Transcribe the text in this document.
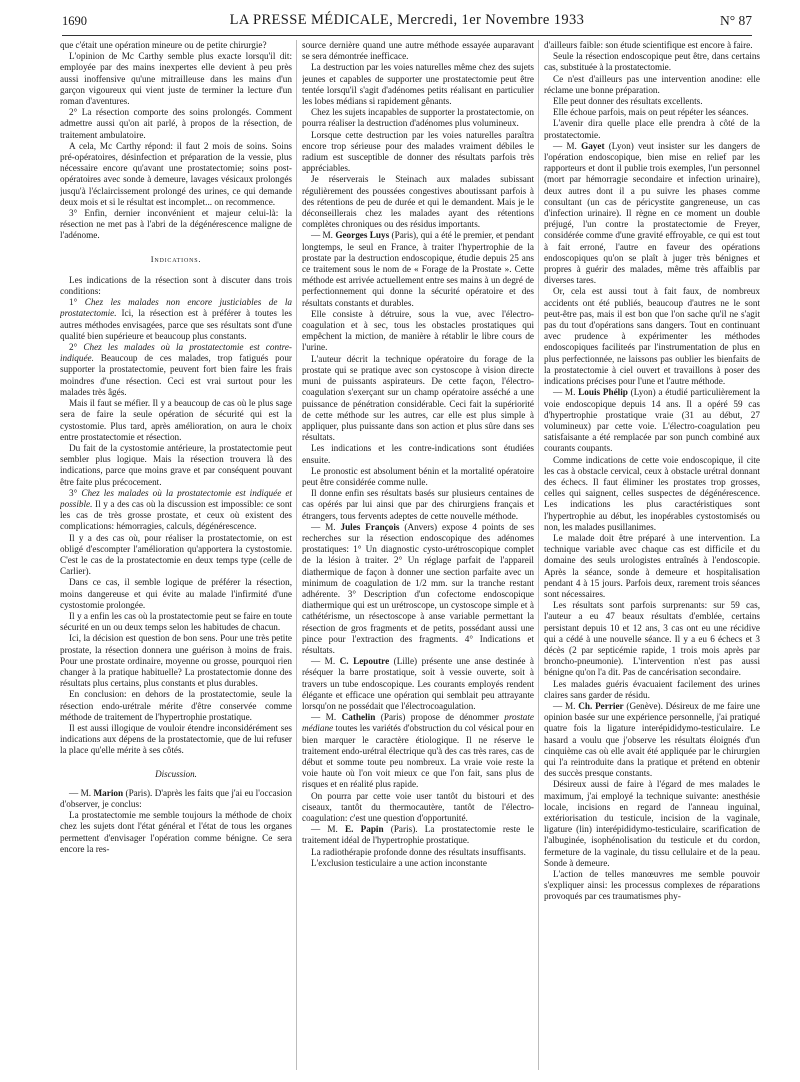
1690	LA PRESSE MÉDICALE, Mercredi, 1er Novembre 1933	N° 87

que c'était une opération mineure ou de petite chirurgie?

L'opinion de Mc Carthy semble plus exacte lorsqu'il dit: employée par des mains inexpertes elle devient à peu près aussi inoffensive qu'une mitrailleuse dans les mains d'un garçon vigoureux qui vient juste de terminer la lecture d'un roman d'aventures.

2° La résection comporte des soins prolongés. Comment admettre aussi qu'on ait parlé, à propos de la résection, de traitement ambulatoire.

A cela, Mc Carthy répond: il faut 2 mois de soins. Soins pré-opératoires, désinfection et préparation de la vessie, plus nécessaire encore qu'avant une prostatectomie; soins post-opératoires avec sonde à demeure, lavages vésicaux prolongés jusqu'à l'éclaircissement prolongé des urines, ce qui demande deux mois et si le résultat est incomplet... on recommence.

3° Enfin, dernier inconvénient et majeur celui-là: la résection ne met pas à l'abri de la dégénérescence maligne de l'adénome.

Indications.

Les indications de la résection sont à discuter dans trois conditions:

1° Chez les malades non encore justiciables de la prostatectomie. Ici, la résection est à préférer à toutes les autres méthodes envisagées, parce que ses résultats sont d'une qualité bien supérieure et beaucoup plus constants.

2° Chez les malades où la prostatectomie est contre-indiquée. Beaucoup de ces malades, trop fatigués pour supporter la prostatectomie, peuvent fort bien faire les frais moindres d'une résection. Ceci est vrai surtout pour les malades très âgés.

Mais il faut se méfier. Il y a beaucoup de cas où le plus sage sera de faire la seule opération de sécurité qui est la cystostomie. Plus tard, après amélioration, on aura le choix entre prostatectomie et résection.

Du fait de la cystostomie antérieure, la prostatectomie peut sembler plus logique. Mais la résection trouvera là des indications, parce que moins grave et par conséquent pouvant être faite plus précocement.

3° Chez les malades où la prostatectomie est indiquée et possible. Il y a des cas où la discussion est impossible: ce sont les cas de très grosse prostate, et ceux où existent des complications: hémorragies, calculs, dégénérescence.

Il y a des cas où, pour réaliser la prostatectomie, on est obligé d'escompter l'amélioration qu'apportera la cystostomie. C'est le cas de la prostatectomie en deux temps type (celle de Carlier).

Dans ce cas, il semble logique de préférer la résection, moins dangereuse et qui évite au malade l'infirmité d'une cystostomie prolongée.

Il y a enfin les cas où la prostatectomie peut se faire en toute sécurité en un ou deux temps selon les habitudes de chacun.

Ici, la décision est question de bon sens. Pour une très petite prostate, la résection donnera une guérison à moins de frais. Pour une prostate ordinaire, moyenne ou grosse, pourquoi rien changer à la pratique habituelle? La prostatectomie donne des résultats plus certains, plus constants et plus durables.

En conclusion: en dehors de la prostatectomie, seule la résection endo-urétrale mérite d'être conservée comme méthode de traitement de l'hypertrophie prostatique.

Il est aussi illogique de vouloir étendre inconsidérément ses indications aux dépens de la prostatectomie, que de lui refuser la place qu'elle mérite à ses côtés.

Discussion.

— M. Marion (Paris). D'après les faits que j'ai eu l'occasion d'observer, je conclus:

La prostatectomie me semble toujours la méthode de choix chez les sujets dont l'état général et l'état de tous les organes permettent d'envisager l'opération comme bénigne. Ce sera encore la res-

source dernière quand une autre méthode essayée auparavant se sera démontrée inefficace.

La destruction par les voies naturelles même chez des sujets jeunes et capables de supporter une prostatectomie peut être tentée lorsqu'il s'agit d'adénomes petits réalisant en particulier les lobes médians si rapidement gênants.

Chez les sujets incapables de supporter la prostatectomie, on pourra réaliser la destruction d'adénomes plus volumineux.

Lorsque cette destruction par les voies naturelles paraîtra encore trop sérieuse pour des malades vraiment débiles le radium est susceptible de donner des résultats parfois très appréciables.

Je réserverais le Steinach aux malades subissant régulièrement des poussées congestives aboutissant parfois à des rétentions de peu de durée et qui le demandent. Mais je le déconseillerais chez les malades ayant des rétentions complètes chroniques ou des résidus importants.

— M. Georges Luys (Paris), qui a été le premier, et pendant longtemps, le seul en France, à traiter l'hypertrophie de la prostate par la destruction endoscopique, étudie depuis 25 ans ce traitement sous le nom de « Forage de la Prostate ». Cette méthode est arrivée actuellement entre ses mains à un degré de perfectionnement qui donne la sécurité opératoire et des résultats constants et durables.

Elle consiste à détruire, sous la vue, avec l'électro-coagulation et à sec, tous les obstacles prostatiques qui empêchent la miction, de manière à rétablir le libre cours de l'urine.

L'auteur décrit la technique opératoire du forage de la prostate qui se pratique avec son cystoscope à vision directe muni de puissants aspirateurs. De cette façon, l'électro-coagulation s'exerçant sur un champ opératoire asséché a une puissance de pénétration considérable. Ceci fait la supériorité de cette méthode sur les autres, car elle est plus simple à appliquer, plus puissante dans son action et plus sûre dans ses résultats.

Les indications et les contre-indications sont étudiées ensuite.

Le pronostic est absolument bénin et la mortalité opératoire peut être considérée comme nulle.

Il donne enfin ses résultats basés sur plusieurs centaines de cas opérés par lui ainsi que par des chirurgiens français et étrangers, tous fervents adeptes de cette nouvelle méthode.

— M. Jules François (Anvers) expose 4 points de ses recherches sur la résection endoscopique des adénomes prostatiques: 1° Un diagnostic cysto-urétroscopique complet de la lésion à traiter. 2° Un réglage parfait de l'appareil diathermique de façon à donner une section parfaite avec un minimum de coagulation de 1/2 mm. sur la tranche restant adhérente. 3° Description d'un cofectome endoscopique diathermique qui est un urétroscope, un cystoscope simple et à cathétérisme, un résectoscope à anse variable permettant la résection de gros fragments et de petits, possédant aussi une pince pour l'extraction des fragments. 4° Indications et résultats.

— M. C. Lepoutre (Lille) présente une anse destinée à réséquer la barre prostatique, soit à vessie ouverte, soit à travers un tube endoscopique. Les courants employés rendent élégante et efficace une opération qui semblait peu attrayante lorsqu'on ne possédait que l'électrocoagulation.

— M. Cathelin (Paris) propose de dénommer prostate médiane toutes les variétés d'obstruction du col vésical pour en bien marquer le caractère étiologique. Il ne réserve le traitement endo-urétral électrique qu'à des cas très rares, cas de début et somme toute peu nombreux. La vraie voie reste la voie haute où l'on voit mieux ce que l'on fait, sans plus de risques et en réalité plus rapide.

On pourra par cette voie user tantôt du bistouri et des ciseaux, tantôt du thermocautère, tantôt de l'électro-coagulation: c'est une question d'opportunité.

— M. E. Papin (Paris). La prostatectomie reste le traitement idéal de l'hypertrophie prostatique.

La radiothérapie profonde donne des résultats insuffisants.

L'exclusion testiculaire a une action inconstante

d'ailleurs faible: son étude scientifique est encore à faire.

Seule la résection endoscopique peut être, dans certains cas, substituée à la prostatectomie.

Ce n'est d'ailleurs pas une intervention anodine: elle réclame une bonne préparation.

Elle peut donner des résultats excellents.

Elle échoue parfois, mais on peut répéter les séances.

L'avenir dira quelle place elle prendra à côté de la prostatectomie.

— M. Gayet (Lyon) veut insister sur les dangers de l'opération endoscopique, bien mise en relief par les rapporteurs et dont il publie trois exemples, l'un personnel (mort par hémorragie secondaire et infection urinaire), deux autres dont il a pu suivre les phases comme consultant (un cas de péricystite gangreneuse, un cas d'infection urinaire). Il règne en ce moment un double préjugé, l'un contre la prostatectomie de Freyer, considérée comme d'une gravité effroyable, ce qui est tout à fait erroné, l'autre en faveur des opérations endoscopiques qu'on se plaît à juger très bénignes et propres à guérir des malades, même très affaiblis par diverses tares.

Or, cela est aussi tout à fait faux, de nombreux accidents ont été publiés, beaucoup d'autres ne le sont peut-être pas, mais il est bon que l'on sache qu'il ne s'agit pas du tout d'opérations sans dangers. Tout en continuant avec prudence à expérimenter les méthodes endoscopiques faciliteés par l'instrumentation de plus en plus perfectionnée, ne laissons pas oublier les bienfaits de la prostatectomie à ciel ouvert et travaillons à poser des indications précises pour l'une et l'autre méthode.

— M. Louis Phélip (Lyon) a étudié particulièrement la voie endoscopique depuis 14 ans. Il a opéré 59 cas d'hypertrophie prostatique vraie (31 au début, 27 volumineux) par cette voie. L'électro-coagulation peu satisfaisante a été remplacée par son punch combiné aux courants coupants.

Comme indications de cette voie endoscopique, il cite les cas à obstacle cervical, ceux à obstacle urétral donnant des échecs. Il faut éliminer les prostates trop grosses, celles qui saignent, celles suspectes de dégénérescence. Les indications les plus caractéristiques sont l'hypertrophie au début, les inopérables cystostomisés ou non, les malades pusillanimes.

Le malade doit être préparé à une intervention. La technique variable avec chaque cas est difficile et du domaine des seuls urologistes entraînés à l'endoscopie. Après la séance, sonde à demeure et hospitalisation pendant 4 à 15 jours. Parfois deux, rarement trois séances sont nécessaires.

Les résultats sont parfois surprenants: sur 59 cas, l'auteur a eu 47 beaux résultats d'emblée, certains persistant depuis 10 et 12 ans, 3 cas ont eu une récidive qui a cédé à une nouvelle séance. Il y a eu 6 échecs et 3 décès (2 par septicémie rapide, 1 trois mois après par broncho-pneumonie). L'intervention n'est pas aussi bénigne qu'on l'a dit. Pas de cancérisation secondaire.

Les malades guéris évacuaient facilement des urines claires sans garder de résidu.

— M. Ch. Perrier (Genève). Désireux de me faire une opinion basée sur une expérience personnelle, j'ai pratiqué quatre fois la ligature interépididymo-testiculaire. Le hasard a voulu que j'observe les résultats éloignés d'un cinquième cas où elle avait été appliquée par le chirurgien qui l'a reintroduite dans la pratique et prétend en obtenir des succès presque constants.

Désireux aussi de faire à l'égard de mes malades le maximum, j'ai employé la technique suivante: anesthésie locale, incisions en regard de l'anneau inguinal, extériorisation du testicule, incision de la vaginale, ligature (lin) interépididymo-testiculaire, scarification de l'albuginée, isophénolisation du testicule et du cordon, fermeture de la vaginale, du tissu cellulaire et de la peau. Sonde à demeure.

L'action de telles manœuvres me semble pouvoir s'expliquer ainsi: les processus complexes de réparations provoqués par ces traumatismes phy-
